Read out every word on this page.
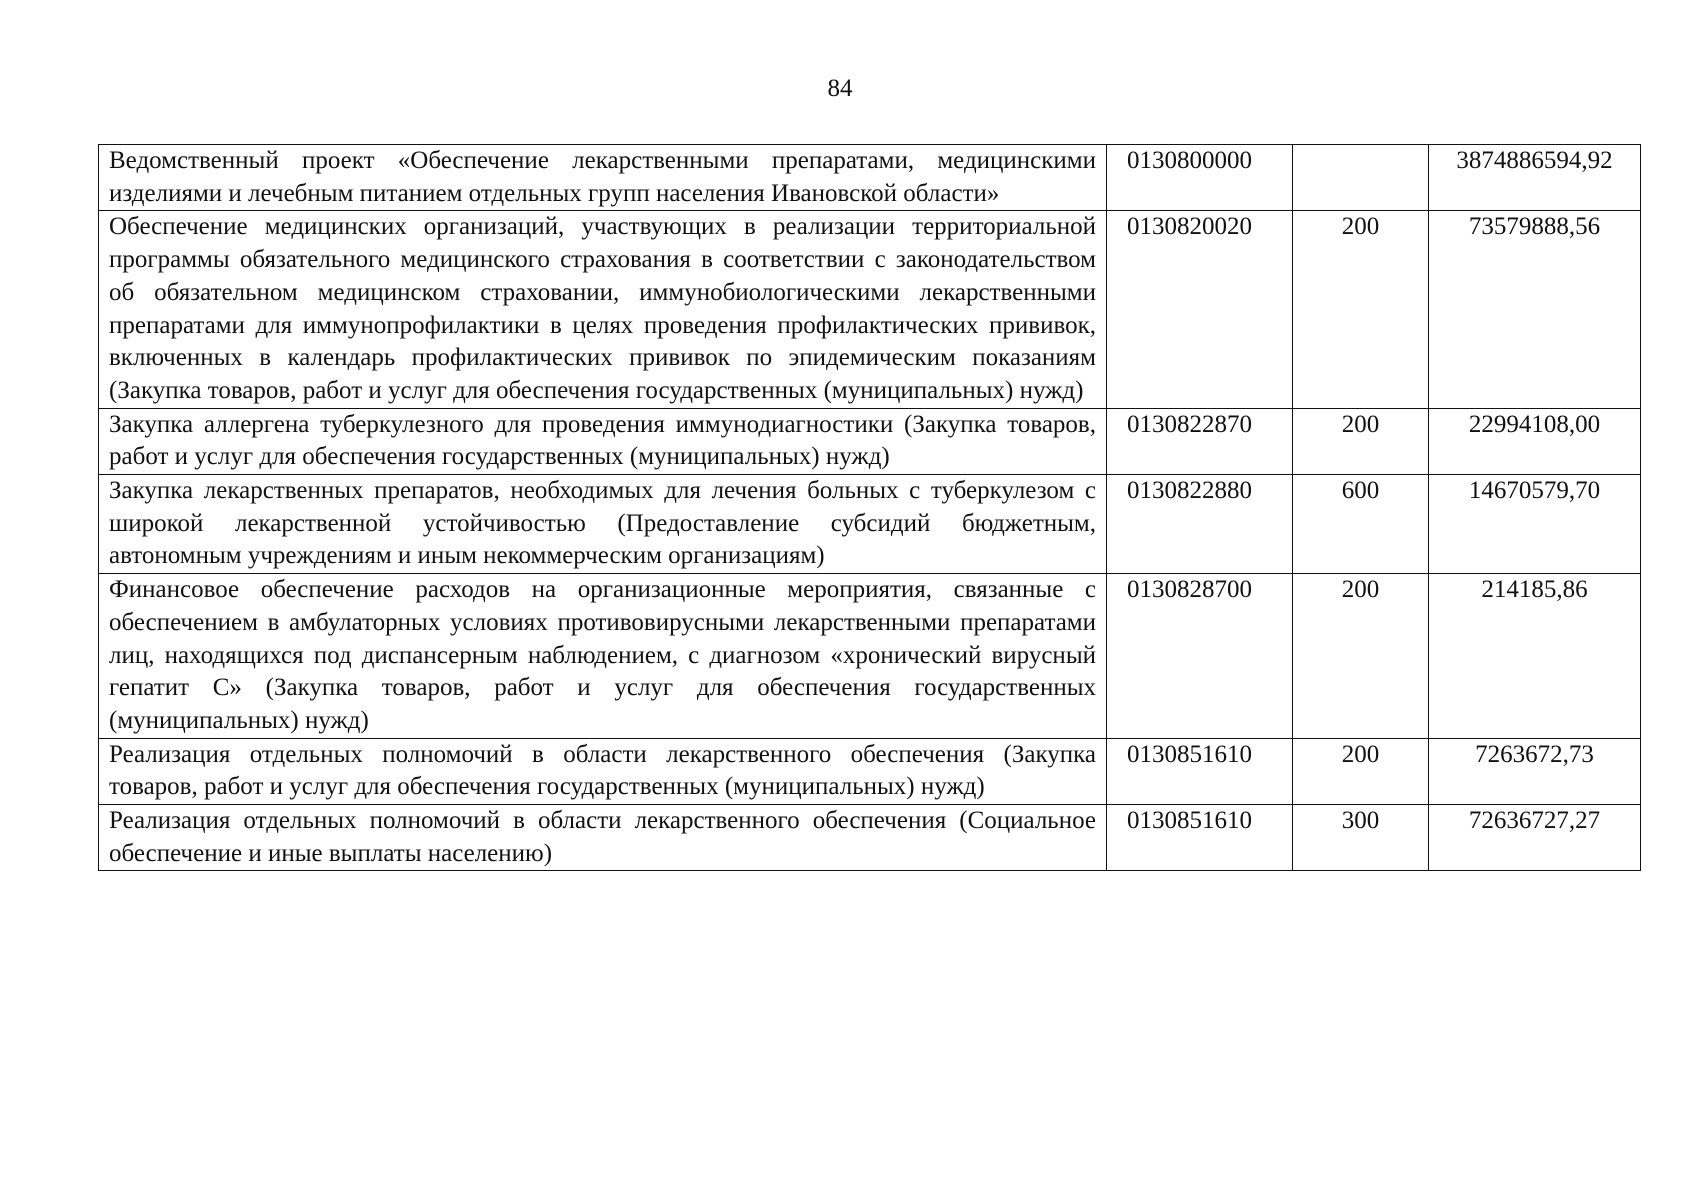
84
Ведомственный проект «Обеспечение лекарственными препаратами, медицинскими изделиями и лечебным питанием отдельных групп населения Ивановской области»	0130800000		3874886594,92
Обеспечение медицинских организаций, участвующих в реализации территориальной программы обязательного медицинского страхования в соответствии с законодательством об обязательном медицинском страховании, иммунобиологическими лекарственными препаратами для иммунопрофилактики в целях проведения профилактических прививок, включенных в календарь профилактических прививок по эпидемическим показаниям (Закупка товаров, работ и услуг для обеспечения государственных (муниципальных) нужд)	0130820020	200	73579888,56
Закупка аллергена туберкулезного для проведения иммунодиагностики (Закупка товаров, работ и услуг для обеспечения государственных (муниципальных) нужд)	0130822870	200	22994108,00
Закупка лекарственных препаратов, необходимых для лечения больных с туберкулезом с широкой лекарственной устойчивостью (Предоставление субсидий бюджетным, автономным учреждениям и иным некоммерческим организациям)	0130822880	600	14670579,70
Финансовое обеспечение расходов на организационные мероприятия, связанные с обеспечением в амбулаторных условиях противовирусными лекарственными препаратами лиц, находящихся под диспансерным наблюдением, с диагнозом «хронический вирусный гепатит С» (Закупка товаров, работ и услуг для обеспечения государственных (муниципальных) нужд)	0130828700	200	214185,86
Реализация отдельных полномочий в области лекарственного обеспечения (Закупка товаров, работ и услуг для обеспечения государственных (муниципальных) нужд)	0130851610	200	7263672,73
Реализация отдельных полномочий в области лекарственного обеспечения (Социальное обеспечение и иные выплаты населению)	0130851610	300	72636727,27
